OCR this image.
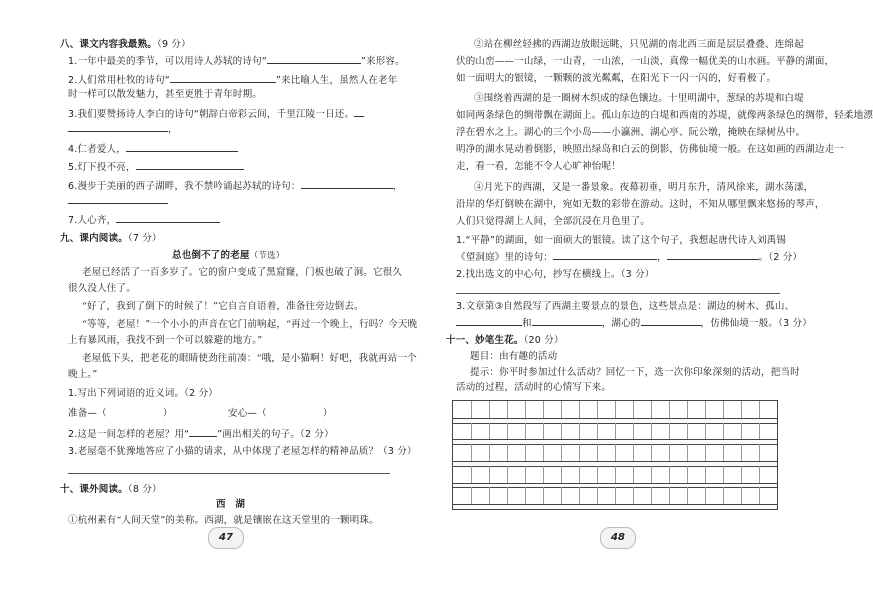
八、课文内容我最熟。（9 分）
1.一年中最美的季节，可以用诗人苏轼的诗句“	”来形容。
2.人们常用杜牧的诗句“	”来比喻人生，虽然人在老年
时一样可以散发魅力，甚至更胜于青年时期。
3.我们要赞扬诗人李白的诗句“朝辞白帝彩云间，千里江陵一日还。
，
4.仁者爱人，
5.灯下投不亮，
6.漫步于美丽的西子湖畔，我不禁吟诵起苏轼的诗句：	，
7.人心齐，
九、课内阅读。（7 分）
总也倒不了的老屋（节选）
老屋已经活了一百多岁了。它的窗户变成了黑窟窿，门板也破了洞。它很久
很久没人住了。
“好了，我到了倒下的时候了！”它自言自语着，准备往旁边倒去。
“等等，老屋！”一个小小的声音在它门前响起，“再过一个晚上，行吗？今天晚
上有暴风雨，我找不到一个可以躲避的地方。”
老屋低下头，把老花的眼睛使劲往前凑：“哦，是小猫啊！好吧，我就再站一个
晚上。”
1.写出下列词语的近义词。（2 分）
准备—（	）	安心—（	）
2.这是一间怎样的老屋？用“	”画出相关的句子。（2 分）
3.老屋毫不犹豫地答应了小猫的请求，从中体现了老屋怎样的精神品质？（3 分）
十、课外阅读。（8 分）
西　湖
①杭州素有“人间天堂”的美称。西湖，就是镶嵌在这天堂里的一颗明珠。
47
②站在柳丝轻拂的西湖边放眼远眺，只见湖的南北西三面是层层叠叠、连绵起
伏的山峦——一山绿，一山青，一山浓，一山淡，真像一幅优美的山水画。平静的湖面，
如一面明大的银镜，一颗颗的波光粼粼，在阳光下一闪一闪的，好看极了。
③围绕着西湖的是一圈树木织成的绿色镶边。十里明湖中，葱绿的苏堤和白堤
如同两条绿色的绸带飘在湖面上。孤山东边的白堤和西南的苏堤，就像两条绿色的绸带，轻柔地漂
浮在碧水之上。湖心的三个小岛——小瀛洲、湖心亭、阮公墩，掩映在绿树丛中。
明净的湖水晃动着倒影，映照出绿岛和白云的倒影，仿佛仙境一般。在这如画的西湖边走一
走，看一看，怎能不令人心旷神怡呢！
④月光下的西湖，又是一番景象。夜幕初垂，明月东升，清风徐来，湖水荡漾，
沿岸的华灯倒映在湖中，宛如无数的彩带在游动。这时，不知从哪里飘来悠扬的琴声，
人们只觉得湖上人间，全部沉浸在月色里了。
1.“平静”的湖面，如一面硕大的银镜。读了这个句子，我想起唐代诗人刘禹锡
《望洞庭》里的诗句：	，	。（2 分）
2.找出选文的中心句，抄写在横线上。（3 分）
3.文章第③自然段写了西湖主要景点的景色，这些景点是：湖边的树木、孤山、
和	，湖心的	，仿佛仙境一般。（3 分）
十一、妙笔生花。（20 分）
题目：由有趣的活动
提示：你平时参加过什么活动？回忆一下，选一次你印象深刻的活动，把当时
活动的过程，活动时的心情写下来。
48
